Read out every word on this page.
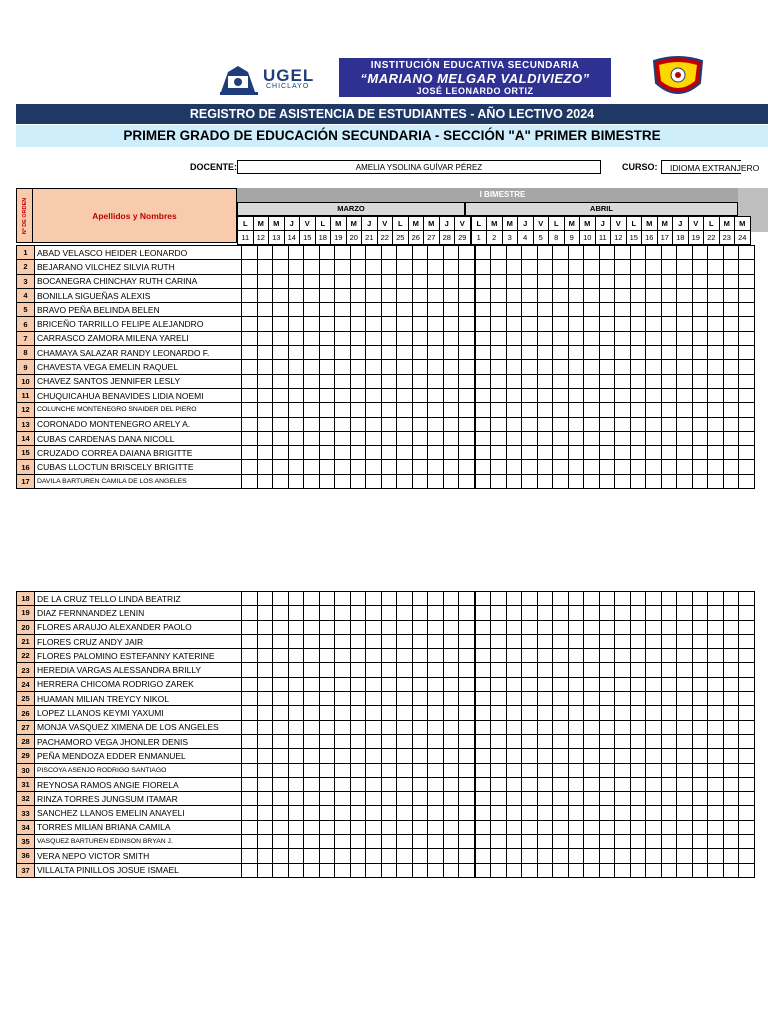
UGEL
CHICLAYO
INSTITUCIÓN EDUCATIVA SECUNDARIA
“MARIANO MELGAR VALDIVIEZO”
JOSÉ LEONARDO ORTIZ
REGISTRO DE ASISTENCIA DE ESTUDIANTES - AÑO LECTIVO 2024
PRIMER GRADO DE EDUCACIÓN SECUNDARIA - SECCIÓN "A" PRIMER BIMESTRE
DOCENTE:	AMELIA YSOLINA GUÍVAR PÉREZ	CURSO:	IDIOMA EXTRANJERO
Nº DE ORDEN	Apellidos y Nombres
I BIMESTRE
MARZO	ABRIL
L	M	M	J	V	L	M	M	J	V	L	M	M	J	V	L	M	M	J	V	L	M	M	J	V	L	M	M	J	V	L	M	M
11	12	13	14	15	18	19	20	21	22	25	26	27	28	29	1	2	3	4	5	8	9	10	11	12	15	16	17	18	19	22	23	24
1	ABAD VELASCO HEIDER LEONARDO																																	
2	BEJARANO VILCHEZ SILVIA RUTH																																	
3	BOCANEGRA CHINCHAY RUTH CARINA																																	
4	BONILLA SIGUEÑAS ALEXIS																																	
5	BRAVO PEÑA BELINDA BELEN																																	
6	BRICEÑO TARRILLO FELIPE ALEJANDRO																																	
7	CARRASCO ZAMORA MILENA YARELI																																	
8	CHAMAYA SALAZAR RANDY LEONARDO F.																																	
9	CHAVESTA VEGA EMELIN RAQUEL																																	
10	CHAVEZ SANTOS JENNIFER LESLY																																	
11	CHUQUICAHUA BENAVIDES LIDIA NOEMI																																	
12	COLUNCHE MONTENEGRO SNAIDER DEL PIERO																																	
13	CORONADO MONTENEGRO ARELY A.																																	
14	CUBAS CARDENAS DANA NICOLL																																	
15	CRUZADO CORREA DAIANA BRIGITTE																																	
16	CUBAS LLOCTUN BRISCELY BRIGITTE																																	
17	DAVILA BARTUREN CAMILA DE LOS ANGELES																																	
18	DE LA CRUZ TELLO LINDA BEATRIZ																																	
19	DIAZ FERNNANDEZ LENIN																																	
20	FLORES ARAUJO ALEXANDER PAOLO																																	
21	FLORES CRUZ ANDY JAIR																																	
22	FLORES PALOMINO ESTEFANNY KATERINE																																	
23	HEREDIA VARGAS ALESSANDRA BRILLY																																	
24	HERRERA CHICOMA RODRIGO ZAREK																																	
25	HUAMAN MILIAN TREYCY NIKOL																																	
26	LOPEZ LLANOS KEYMI YAXUMI																																	
27	MONJA VASQUEZ XIMENA DE LOS ANGELES																																	
28	PACHAMORO VEGA JHONLER DENIS																																	
29	PEÑA MENDOZA EDDER ENMANUEL																																	
30	PISCOYA ASENJO RODRIGO SANTIAGO																																	
31	REYNOSA RAMOS ANGIE FIORELA																																	
32	RINZA TORRES JUNGSUM ITAMAR																																	
33	SANCHEZ LLANOS EMELIN ANAYELI																																	
34	TORRES MILIAN BRIANA CAMILA																																	
35	VASQUEZ BARTUREN EDINSON BRYAN J.																																	
36	VERA NEPO VICTOR SMITH																																	
37	VILLALTA PINILLOS JOSUE ISMAEL																																	
